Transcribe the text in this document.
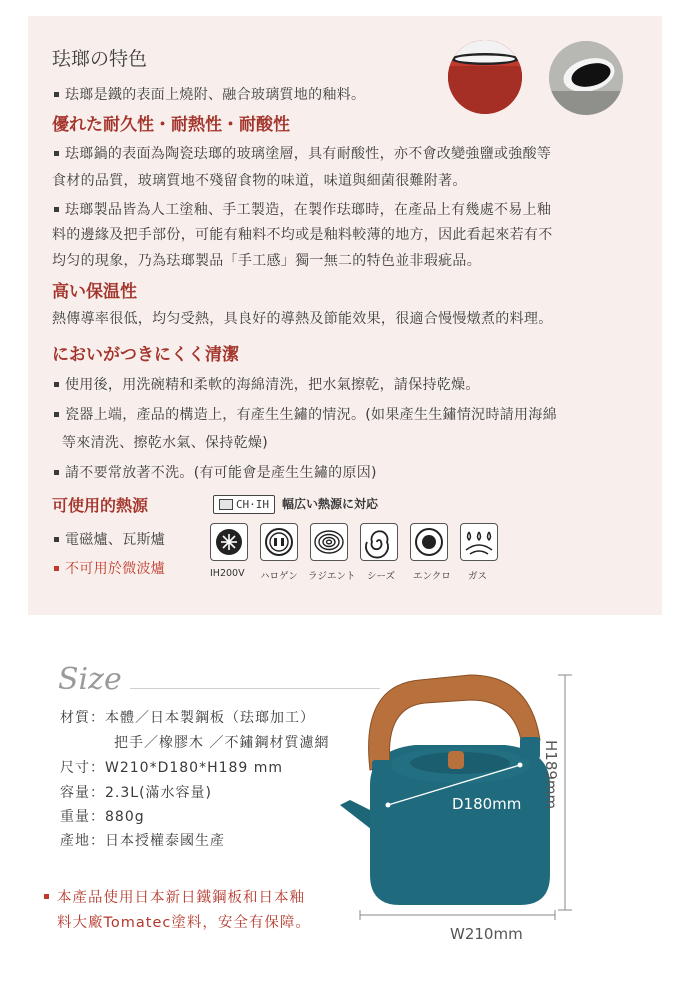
珐瑯の特色
珐瑯是鐵的表面上燒附、融合玻璃質地的釉料。
優れた耐久性・耐熱性・耐酸性
珐瑯鍋的表面為陶瓷珐瑯的玻璃塗層，具有耐酸性，亦不會改變強鹽或強酸等
食材的品質，玻璃質地不殘留食物的味道，味道與細菌很難附著。
珐瑯製品皆為人工塗釉、手工製造，在製作珐瑯時，在產品上有幾處不易上釉
料的邊緣及把手部份，可能有釉料不均或是釉料較薄的地方，因此看起來若有不
均匀的現象，乃為珐瑯製品「手工感」獨一無二的特色並非瑕疵品。
高い保温性
熱傳導率很低，均匀受熱，具良好的導熱及節能效果，很適合慢慢燉煮的料理。
においがつきにくく清潔
使用後，用洗碗精和柔軟的海綿清洗，把水氣擦乾，請保持乾燥。
瓷器上端，產品的構造上，有產生生鏽的情況。(如果產生生鏽情況時請用海綿
等來清洗、擦乾水氣、保持乾燥)
請不要常放著不洗。(有可能會是產生生鏽的原因)
可使用的熱源
電磁爐、瓦斯爐
不可用於微波爐
CH·IH 幅広い熱源に対応
IH200V ハロゲン ラジエント シーズ エンクロ ガス
Size
材質：本體／日本製鋼板（珐瑯加工）
把手／橡膠木 ／不鏽鋼材質濾網
尺寸：W210*D180*H189 mm
容量：2.3L(滿水容量)
重量：880g
產地：日本授權泰國生產
本產品使用日本新日鐵鋼板和日本釉
料大廠Tomatec塗料，安全有保障。
D180mm H189mm
W210mm
